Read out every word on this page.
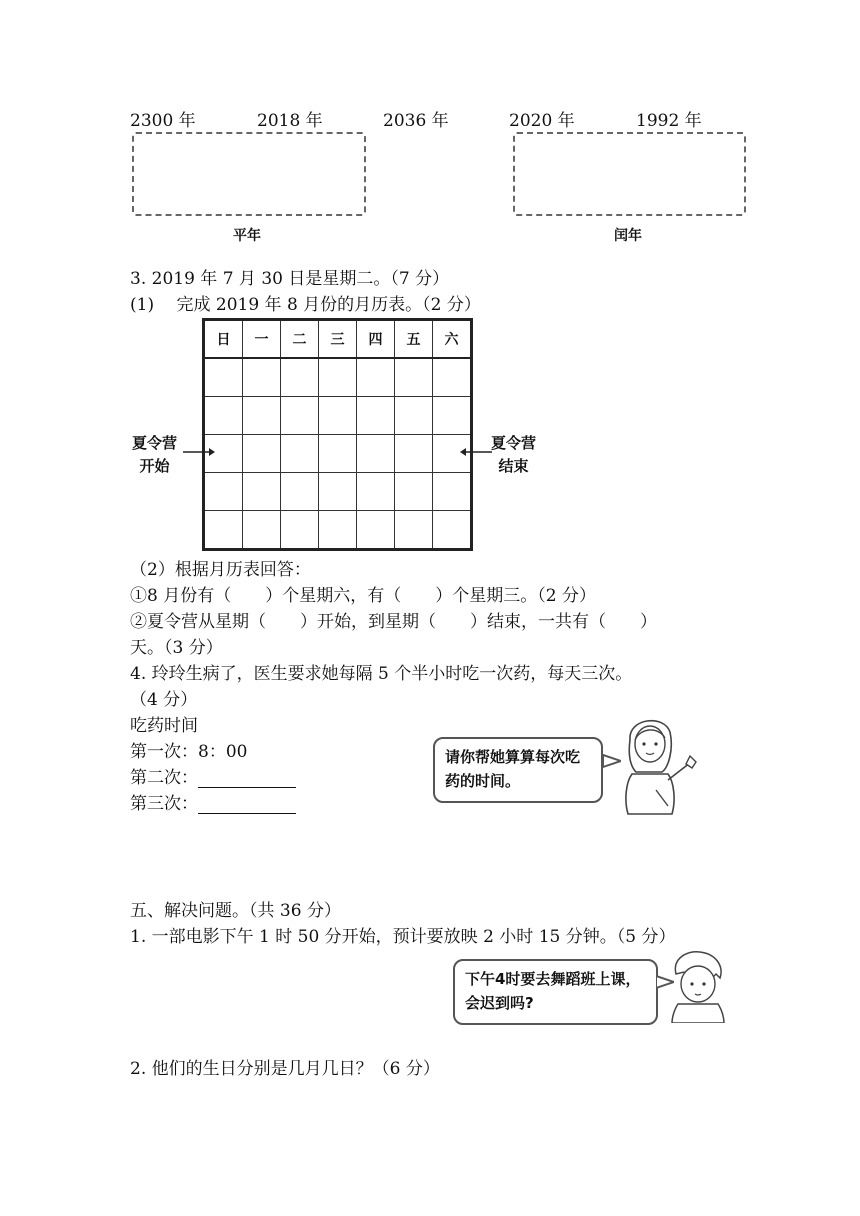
2300 年	2018 年	2036 年	2020 年	1992 年
平年	闰年
3. 2019 年 7 月 30 日是星期二。（7 分）
(1)　 完成 2019 年 8 月份的月历表。（2 分）
日	一	二	三	四	五	六

夏令营
开始
夏令营
结束
（2）根据月历表回答：
①8 月份有（　　）个星期六，有（　　）个星期三。（2 分）
②夏令营从星期（　　）开始，到星期（　　）结束，一共有（　　）
天。（3 分）
4. 玲玲生病了，医生要求她每隔 5 个半小时吃一次药，每天三次。
（4 分）
吃药时间
第一次：8：00
第二次：
第三次：
请你帮她算算每次吃药的时间。
五、解决问题。（共 36 分）
1. 一部电影下午 1 时 50 分开始，预计要放映 2 小时 15 分钟。（5 分）
下午4时要去舞蹈班上课，会迟到吗?
2. 他们的生日分别是几月几日？（6 分）
